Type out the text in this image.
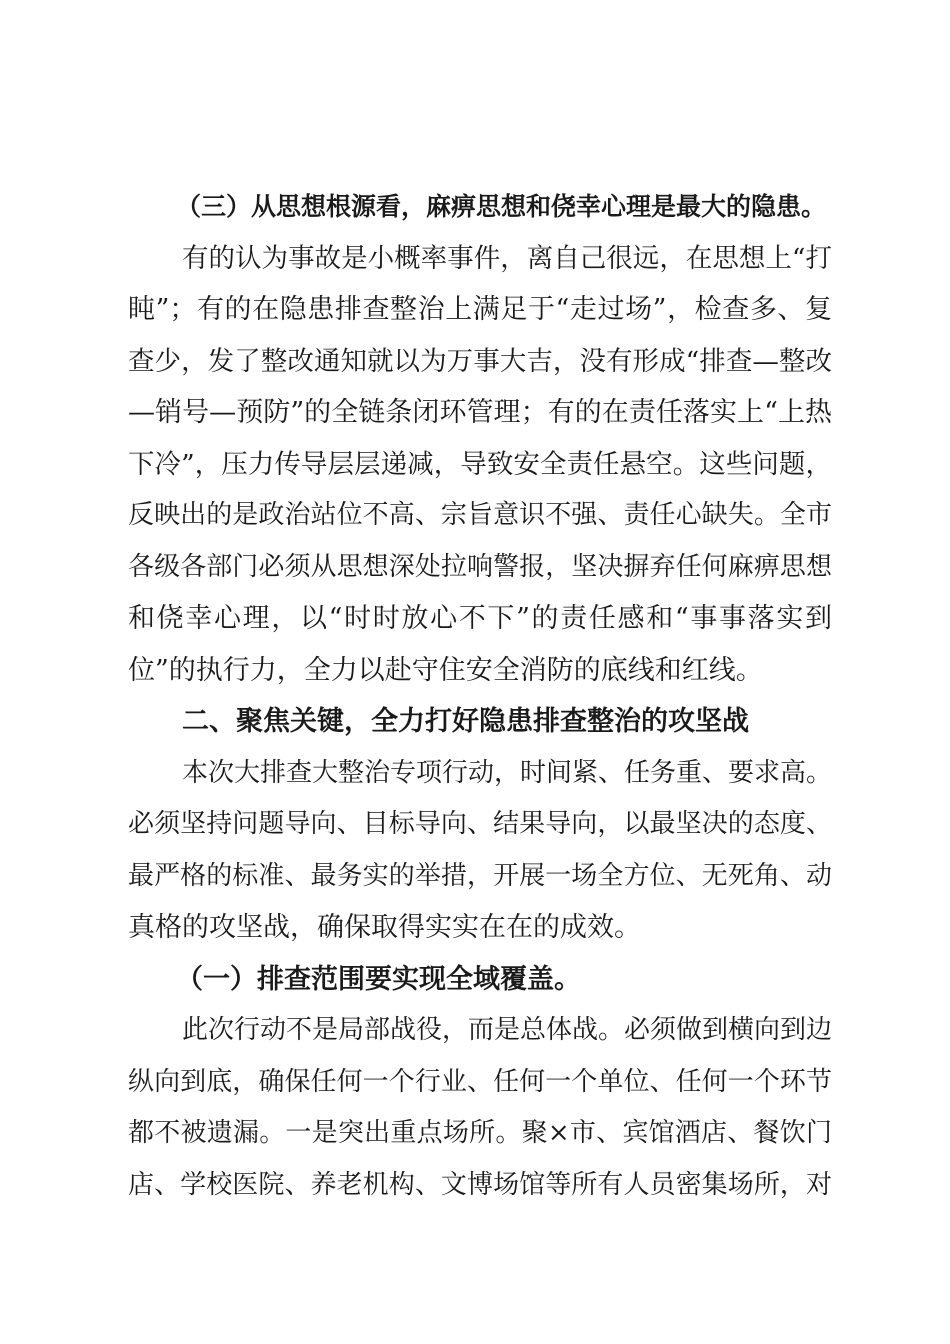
（三）从思想根源看，麻痹思想和侥幸心理是最大的隐患。
有的认为事故是小概率事件，离自己很远，在思想上“打
盹”；有的在隐患排查整治上满足于“走过场”，检查多、复
查少，发了整改通知就以为万事大吉，没有形成“排查—整改
—销号—预防”的全链条闭环管理；有的在责任落实上“上热
下冷”，压力传导层层递减，导致安全责任悬空。这些问题，
反映出的是政治站位不高、宗旨意识不强、责任心缺失。全市
各级各部门必须从思想深处拉响警报，坚决摒弃任何麻痹思想
和侥幸心理，以“时时放心不下”的责任感和“事事落实到
位”的执行力，全力以赴守住安全消防的底线和红线。
二、聚焦关键，全力打好隐患排查整治的攻坚战
本次大排查大整治专项行动，时间紧、任务重、要求高。
必须坚持问题导向、目标导向、结果导向，以最坚决的态度、
最严格的标准、最务实的举措，开展一场全方位、无死角、动
真格的攻坚战，确保取得实实在在的成效。
（一）排查范围要实现全域覆盖。
此次行动不是局部战役，而是总体战。必须做到横向到边
纵向到底，确保任何一个行业、任何一个单位、任何一个环节
都不被遗漏。一是突出重点场所。聚×市、宾馆酒店、餐饮门
店、学校医院、养老机构、文博场馆等所有人员密集场所，对
